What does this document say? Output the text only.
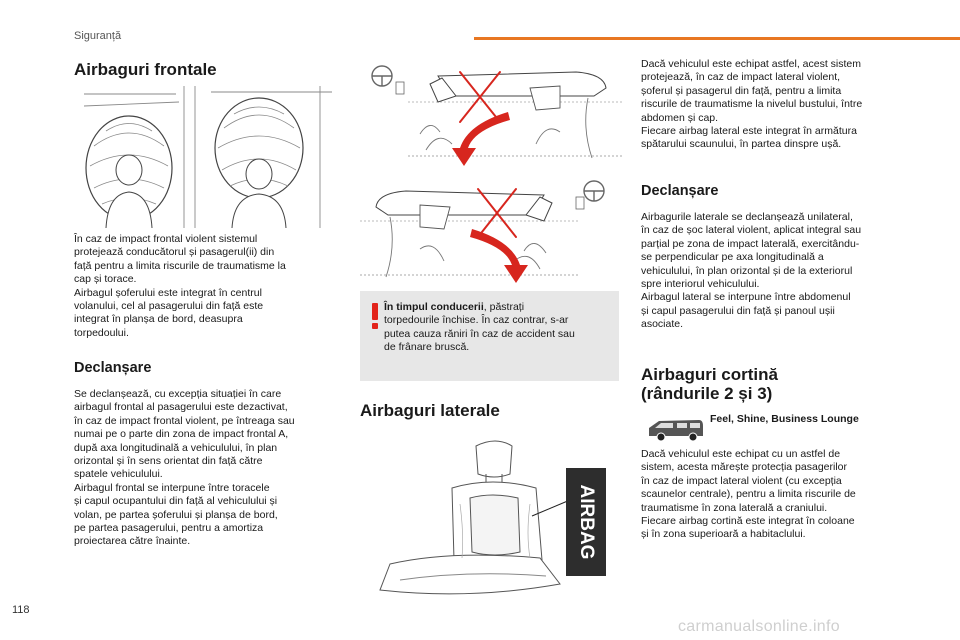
Siguranță
Airbaguri frontale

În caz de impact frontal violent sistemul

protejează conducătorul și pasagerul(ii) din

față pentru a limita riscurile de traumatisme la

cap și torace.

Airbagul șoferului este integrat în centrul

volanului, cel al pasagerului din față este

integrat în planșa de bord, deasupra

torpedoului.

Declanșare

Se declanșează, cu excepția situației în care

airbagul frontal al pasagerului este dezactivat,

în caz de impact frontal violent, pe întreaga sau

numai pe o parte din zona de impact frontal A,

după axa longitudinală a vehiculului, în plan

orizontal și în sens orientat din față către

spatele vehiculului.

Airbagul frontal se interpune între toracele

și capul ocupantului din față al vehiculului și

volan, pe partea șoferului și planșa de bord,

pe partea pasagerului, pentru a amortiza

proiectarea către înainte.

În timpul conducerii, păstrați

torpedourile închise. În caz contrar, s-ar

putea cauza răniri în caz de accident sau

de frânare bruscă.

Airbaguri laterale
AIRBAG

Dacă vehiculul este echipat astfel, acest sistem

protejează, în caz de impact lateral violent,

șoferul și pasagerul din față, pentru a limita

riscurile de traumatisme la nivelul bustului, între

abdomen și cap.

Fiecare airbag lateral este integrat în armătura

spătarului scaunului, în partea dinspre ușă.

Declanșare

Airbagurile laterale se declanșează unilateral,

în caz de șoc lateral violent, aplicat integral sau

parțial pe zona de impact laterală, exercitându-

se perpendicular pe axa longitudinală a

vehiculului, în plan orizontal și de la exteriorul

spre interiorul vehiculului.

Airbagul lateral se interpune între abdomenul

și capul pasagerului din față și panoul ușii

asociate.

Airbaguri cortină
(rândurile 2 și 3)
Feel, Shine, Business Lounge

Dacă vehiculul este echipat cu un astfel de

sistem, acesta mărește protecția pasagerilor

în caz de impact lateral violent (cu excepția

scaunelor centrale), pentru a limita riscurile de

traumatisme în zona laterală a craniului.

Fiecare airbag cortină este integrat în coloane

și în zona superioară a habitaclului.

118
carmanualsonline.info
